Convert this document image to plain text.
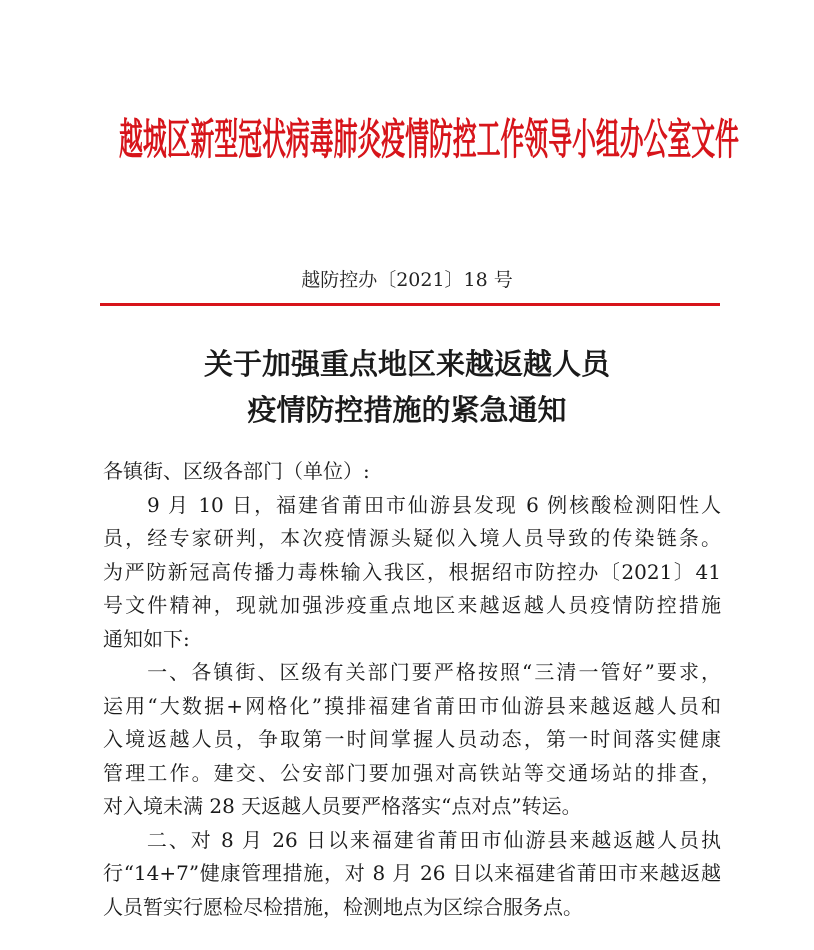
越城区新型冠状病毒肺炎疫情防控工作领导小组办公室文件
越防控办〔2021〕18 号
关于加强重点地区来越返越人员
疫情防控措施的紧急通知
各镇街、区级各部门（单位）:
　　9 月 10 日，福建省莆田市仙游县发现 6 例核酸检测阳性人
员，经专家研判，本次疫情源头疑似入境人员导致的传染链条。
为严防新冠高传播力毒株输入我区，根据绍市防控办〔2021〕41
号文件精神，现就加强涉疫重点地区来越返越人员疫情防控措施
通知如下:
　　一、各镇街、区级有关部门要严格按照“三清一管好”要求，
运用“大数据+网格化”摸排福建省莆田市仙游县来越返越人员和
入境返越人员，争取第一时间掌握人员动态，第一时间落实健康
管理工作。建交、公安部门要加强对高铁站等交通场站的排查，
对入境未满 28 天返越人员要严格落实“点对点”转运。
　　二、对 8 月 26 日以来福建省莆田市仙游县来越返越人员执
行“14+7”健康管理措施，对 8 月 26 日以来福建省莆田市来越返越
人员暂实行愿检尽检措施，检测地点为区综合服务点。
